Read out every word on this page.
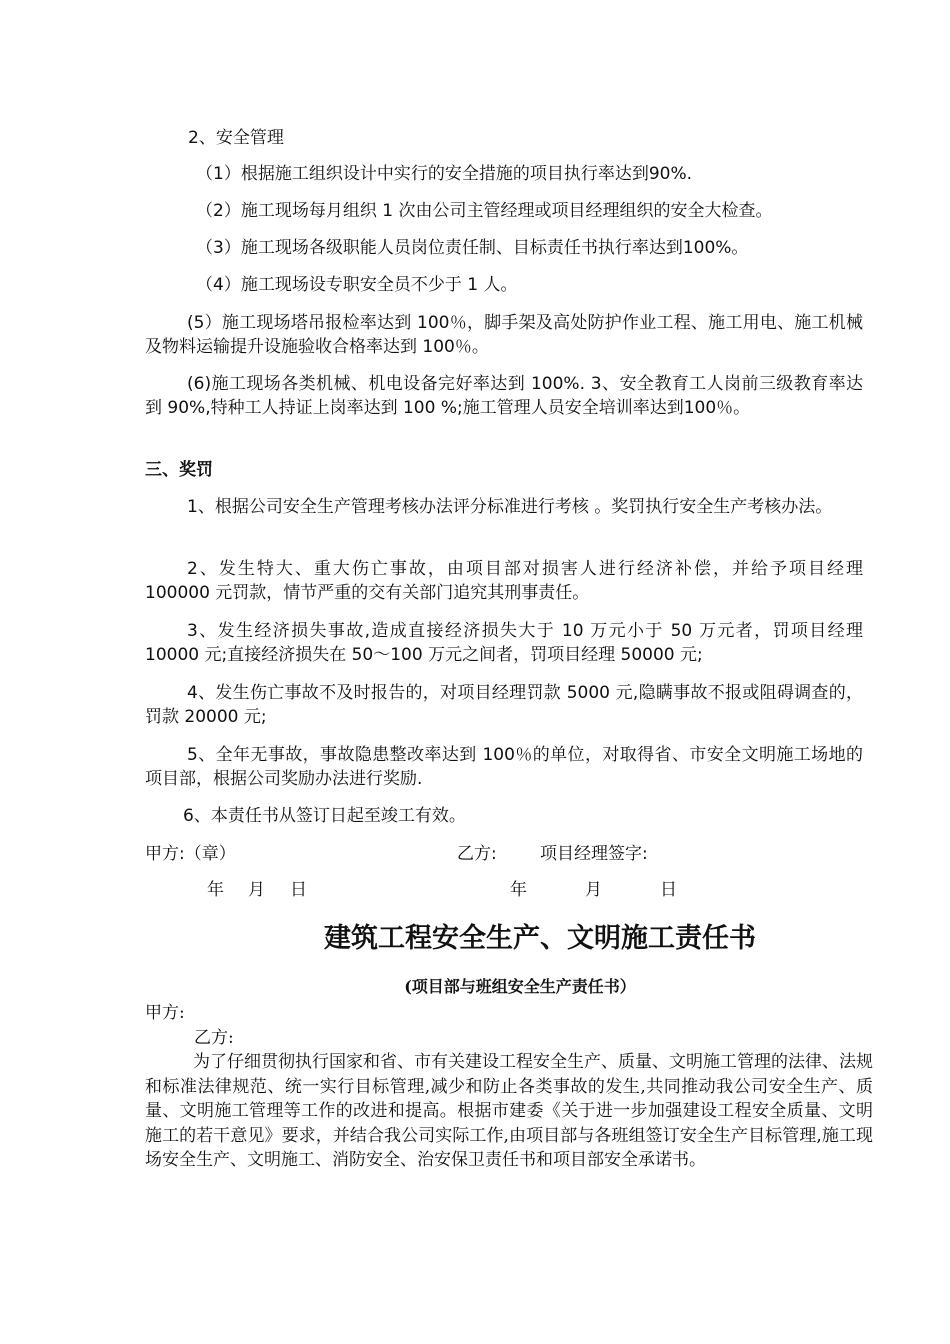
2、安全管理
（1）根据施工组织设计中实行的安全措施的项目执行率达到90%.
（2）施工现场每月组织 1 次由公司主管经理或项目经理组织的安全大检查。
（3）施工现场各级职能人员岗位责任制、目标责任书执行率达到100%。
（4）施工现场设专职安全员不少于 1 人。
(5）施工现场塔吊报检率达到 100％，脚手架及高处防护作业工程、施工用电、施工机械及物料运输提升设施验收合格率达到 100％。
(6)施工现场各类机械、机电设备完好率达到 100%. 3、安全教育工人岗前三级教育率达到 90%,特种工人持证上岗率达到 100 %;施工管理人员安全培训率达到100％。
三、奖罚
1、根据公司安全生产管理考核办法评分标准进行考核 。奖罚执行安全生产考核办法。
2、发生特大、重大伤亡事故，由项目部对损害人进行经济补偿，并给予项目经理 100000 元罚款，情节严重的交有关部门追究其刑事责任。
3、发生经济损失事故,造成直接经济损失大于 10 万元小于 50 万元者，罚项目经理 10000 元;直接经济损失在 50～100 万元之间者，罚项目经理 50000 元;
4、发生伤亡事故不及时报告的，对项目经理罚款 5000 元,隐瞒事故不报或阻碍调查的，罚款 20000 元;
5、全年无事故，事故隐患整改率达到 100％的单位，对取得省、市安全文明施工场地的项目部，根据公司奖励办法进行奖励.
6、本责任书从签订日起至竣工有效。
甲方:（章）	乙方:	项目经理签字:
年 月 日	年	月	日
建筑工程安全生产、文明施工责任书
(项目部与班组安全生产责任书）
甲方:
乙方:
为了仔细贯彻执行国家和省、市有关建设工程安全生产、质量、文明施工管理的法律、法规和标准法律规范、统一实行目标管理,减少和防止各类事故的发生,共同推动我公司安全生产、质量、文明施工管理等工作的改进和提高。根据市建委《关于进一步加强建设工程安全质量、文明施工的若干意见》要求，并结合我公司实际工作,由项目部与各班组签订安全生产目标管理,施工现场安全生产、文明施工、消防安全、治安保卫责任书和项目部安全承诺书。
